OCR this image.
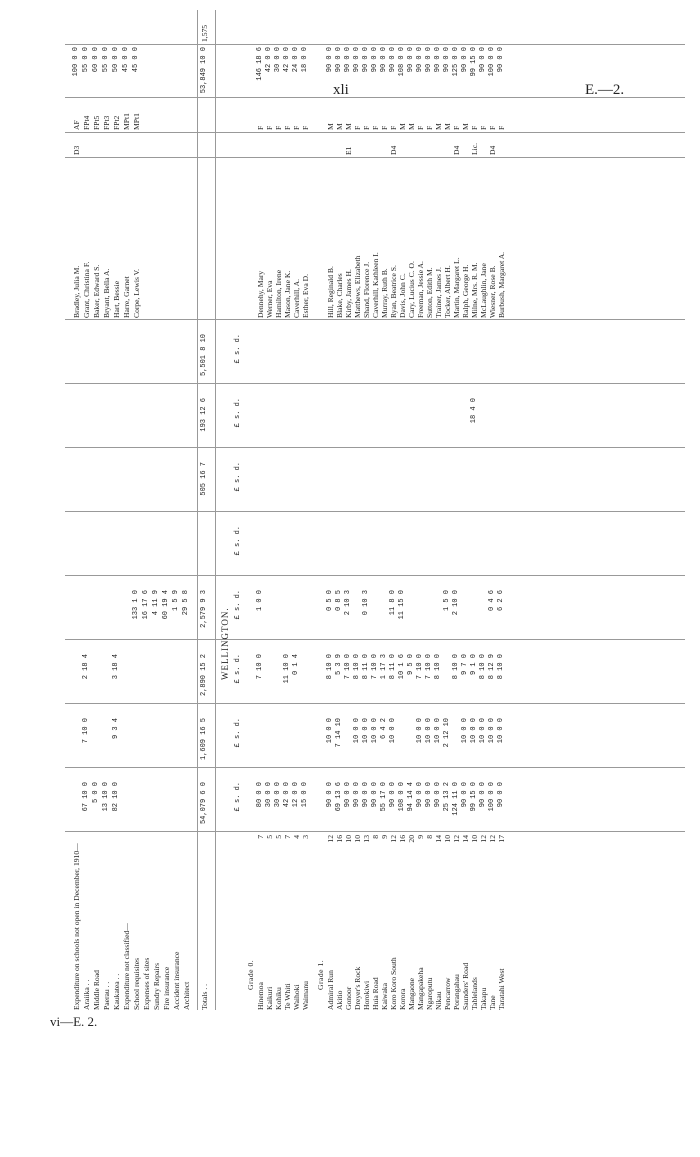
xli	E.—2.
vi—E. 2.
Expenditure on schools not open in December, 1910—
Bradley, Julia M.
D3
AF
100 0 0
Araiika . .
67 10 0
7 10 0
2 18 4
Grant, Christina F.
FPt4
55 0 0
Middle Road
5 0 0
Baker, Edward S.
FPt5
60 0 0
Paerau . .
13 10 0
Bryant, Bella A.
FPt3
55 0 0
Kaukatea . .
82 10 0
9 3 4
3 18 4
Hart, Bessie
FPt2
50 0 0
Expenditure not classified—
Harre, Garnet
MPt1
45 0 0
School requisites
133 1 0
Corpe, Lewis V.
MPt1
45 0 0
Expenses of sites
16 17 6
Sundry Repairs
4 11 9
Fire insurance
60 19 4
Accident insurance
1 5 9
Architect
29 5 8
Totals . .
54,079 6 0
1,609 16 5
2,890 15 2
2,579 9 3
505 16 7
193 12 6
5,501 8 10
53,849 10 0
1,575
WELLINGTON.
£ s. d.
£ s. d.
£ s. d.
£ s. d.
£ s. d.
£ s. d.
£ s. d.
£ s. d.
Grade 0.
Hinemoa
7
80 0 0
7 10 0
1 0 0
Dennehy, Mary
F
146 18 6
Kaikuri
5
30 0 0
Werner, Eva
F
42 0 0
Kohiku
5
30 0 0
Hamilton, Irene
F
30 0 0
Te Whiti
7
42 0 0
11 10 0
Mason, Jane K.
F
42 0 0
Waihoki
4
12 0 0
0 1 4
Caverhill, A.
F
24 0 0
Waimanu
3
15 0 0
Esther, Eva D.
F
18 0 0
Grade 1. Admiral Run
12
90 0 0
10 0 0
8 10 0
0 5 0
Hill, Reginald B.
M
90 0 0
Akitio
16
69 13 6
7 14 10
5 3 9
0 8 5
Blake, Charles
M
90 0 0
Gonoor
10
90 0 0
7 10 0
2 10 3
Kirby, James H.
E1
M
90 0 0
Dreyer's Rock
10
90 0 0
10 0 0
8 10 0
Matthews, Elizabeth
F
90 0 0
Horokiwi
13
90 0 0
10 0 0
8 11 0
0 10 3
Shand, Florence J.
F
90 0 0
Huia Road
8
90 0 0
10 0 0
7 10 0
Caverhill, Kathleen I.
F
90 0 0
Kaiwaka
9
55 17 0
6 4 2
1 17 3
Murray, Ruth B.
F
90 0 0
Koro Koro South
12
90 0 0
10 0 0
8 11 0
11 8 0
Ryan, Beatrice S.
D4
F
90 0 0
Korora
16
108 0 0
10 1 6
11 15 0
Davis, John C.
M
108 0 0
Mangaone
20
94 14 4
9 5 0
Cary, Lucius C. O.
M
90 0 0
Mangapakeha
9
90 0 0
10 0 0
7 10 0
Freeman, Jessie A.
F
90 0 0
Ngaroputu
8
90 0 0
10 0 0
7 10 0
Sutton, Edith M.
F
90 0 0
Nikau
14
90 0 0
10 0 0
8 10 0
Trainer, James J.
M
90 0 0
Pencarrow
10
25 13 2
2 12 10
1 5 0
Tocker, Albert H.
M
90 0 0
Porangahau
12
124 11 0
8 10 0
2 10 0
Martin, Margaret L.
D4
F
125 0 0
Saunders' Road
14
90 0 0
10 0 0
9 7 0
Ralph, George H.
M
90 0 0
Tablelands
10
99 15 0
10 0 0
9 1 0
18 4 0
Milne, Mrs. R. M.
Lic.
F
99 15 0
Takapu
12
90 0 0
10 0 0
8 10 0
McLaughlin, Jane
F
90 0 0
Tane
12
100 0 0
10 0 0
8 12 9
0 4 6
Wiesner, Rose B.
D4
F
100 0 0
Taratahi West
17
90 0 0
10 0 0
8 10 0
6 2 6
Burbush, Margaret A.
F
90 0 0
